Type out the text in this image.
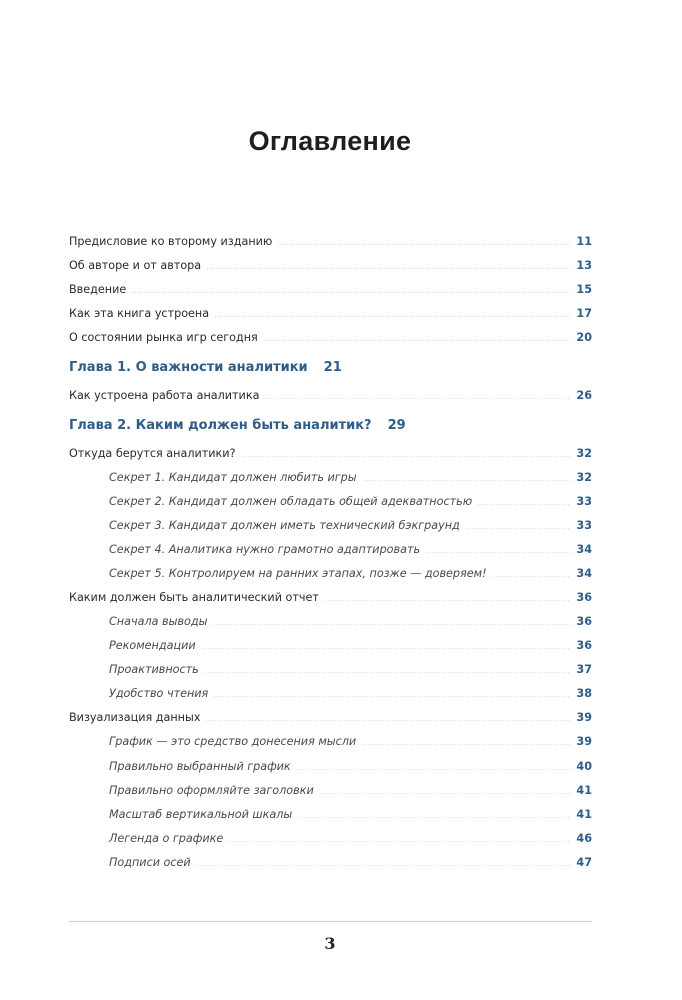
Оглавление
Предисловие ко второму изданию	11
Об авторе и от автора	13
Введение	15
Как эта книга устроена	17
О состоянии рынка игр сегодня	20
Глава 1. О важности аналитики 21
Как устроена работа аналитика	26
Глава 2. Каким должен быть аналитик? 29
Откуда берутся аналитики?	32
Секрет 1. Кандидат должен любить игры	32
Секрет 2. Кандидат должен обладать общей адекватностью	33
Секрет 3. Кандидат должен иметь технический бэкграунд	33
Секрет 4. Аналитика нужно грамотно адаптировать	34
Секрет 5. Контролируем на ранних этапах, позже — доверяем!	34
Каким должен быть аналитический отчет	36
Сначала выводы	36
Рекомендации	36
Проактивность	37
Удобство чтения	38
Визуализация данных	39
График — это средство донесения мысли	39
Правильно выбранный график	40
Правильно оформляйте заголовки	41
Масштаб вертикальной шкалы	41
Легенда о графике	46
Подписи осей	47
3
